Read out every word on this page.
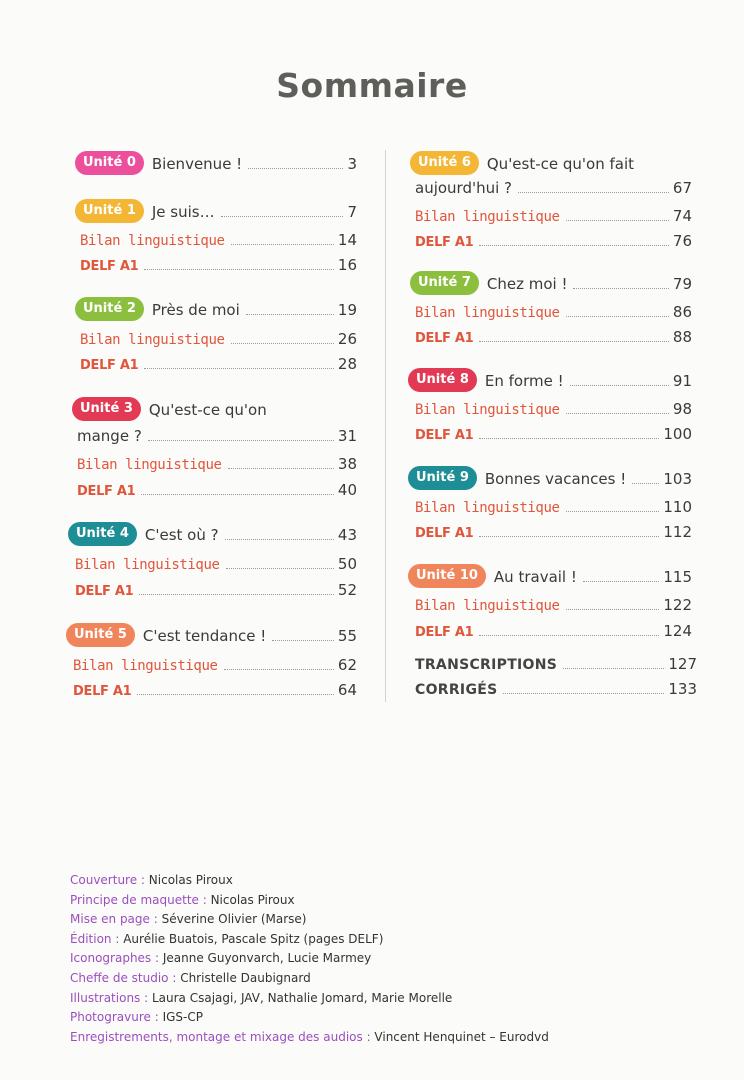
Sommaire
Unité 0	Bienvenue !	3
Unité 1	Je suis…	7
Bilan linguistique	14
DELF A1	16
Unité 2	Près de moi	19
Bilan linguistique	26
DELF A1	28
Unité 3	Qu'est-ce qu'on
mange ?	31
Bilan linguistique	38
DELF A1	40
Unité 4	C'est où ?	43
Bilan linguistique	50
DELF A1	52
Unité 5	C'est tendance !	55
Bilan linguistique	62
DELF A1	64
Unité 6	Qu'est-ce qu'on fait
aujourd'hui ?	67
Bilan linguistique	74
DELF A1	76
Unité 7	Chez moi !	79
Bilan linguistique	86
DELF A1	88
Unité 8	En forme !	91
Bilan linguistique	98
DELF A1	100
Unité 9	Bonnes vacances ! 103
Bilan linguistique	110
DELF A1	112
Unité 10	Au travail !	115
Bilan linguistique	122
DELF A1	124
TRANSCRIPTIONS	127
CORRIGÉS	133
Couverture : Nicolas Piroux
Principe de maquette : Nicolas Piroux
Mise en page : Séverine Olivier (Marse)
Édition : Aurélie Buatois, Pascale Spitz (pages DELF)
Iconographes : Jeanne Guyonvarch, Lucie Marmey
Cheffe de studio : Christelle Daubignard
Illustrations : Laura Csajagi, JAV, Nathalie Jomard, Marie Morelle
Photogravure : IGS-CP
Enregistrements, montage et mixage des audios : Vincent Henquinet – Eurodvd
